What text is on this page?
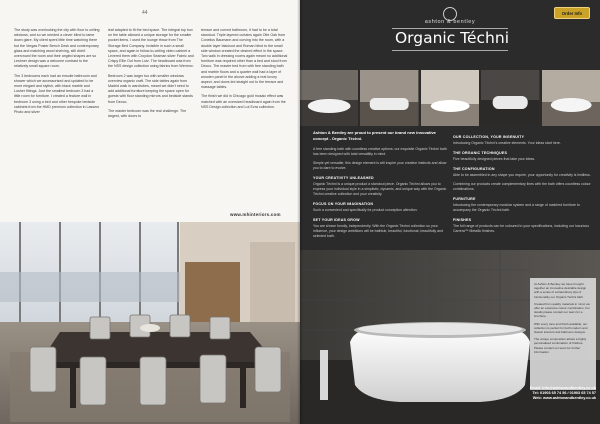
44

The study was overlooking the city with floor to ceiling windows, and so we needed a clever blind to tame down glare. My client spent little time watching there but the Vergas Poster Bench Desk and contemporary glass and matching wood shelving, still didn't overcrowd the room and their angled shapes are so Leshner design was a welcome contrast to the relatively small square room.

The 3 bedrooms each had an ensuite bathroom and shower which we accessorised and updated to be more elegant and stylish, with black marble and Lusher fittings. Just the smallest bedroom 3 had a little room for furniture. I created a feature wall in bedroom 3 using a bed and other bespoke bedside cabinets from the HMD premium collection in Lassero Photo and silver

leaf adapted to fit the bed space. The integral top box on the table allowed a unique storage for the smaller pocket items. I used the lounge throw from The Storage Bed Company. Invisible in such a small space, and again in follow-to-ceiling video cabinet a Levered them with Croydon Seaman silver Fabric and Crispy Ellie Out from Lutz. The headboard was from the NSS design collection using fabrics from Wemmo.

Bedroom 2 was larger too with smaller windows overview organic craft. The side tables again from Madrid walk in wardrobes, meant we didn't need to add additional furniture keeping the space open for guests with floor standing mirrors and bedside stands from Decco.

The master bedroom was the real challenge. The largest, with doors to

terrace and curved bathroom, it had to be a total standout. Triple layered curtains again Otle Oak from Conelius Baumann and curving into the room, with a double layer blackout and Roman blind to the small side window created the desired effect in the space. Two walk in dressing rooms again meant no additional furniture was required other than a bed and stool from Decco. The master bed from with free standing bath and marble floors and a quarter wall had a layer of wooden panel in the alcove adding a real luxury aspect, and doors led straight out to the terrace and massage tables.

The finish we did in Chicago gold mosaic effect was matched with an oversized headboard again from the NSS Design collection and Lot Ezra collection.

www.mhinteriors.com
ashton & bentley
Organic Téchni
Order Info

Ashton & Bentley are proud to present our brand new innovative concept - Organic Téchni.

A free standing bath with countless creative options; our exquisite Organic Téchni bath has been designed with total versatility in mind.

Simple yet versatile, this design element is will inspire your creative instincts and allow you to dare to evolve.

YOUR CREATIVITY UNLEASHED

Organic Téchni is a unique product a standout piece. Organic Téchni allows you to express your individual style in a simplistic, dynamic, and unique way with the Organic Téchni creative collection and your creativity.

FOCUS ON YOUR IMAGINATION

Such a convenient and specifically for product conception attention.

SET YOUR IDEAS GROW

You are shown funnily, independently. With the Organic Téchni collection so your influence, your design ambitions will be bathtub, beautiful, functional, beautifully and selected bath.

OUR COLLECTION, YOUR INGENUITY

Introducing Organic Téchni's creative elements. Your ideas start here.

THE ORGANIC TECHNIQUES

Five beautifully designed pieces that take your ideas.

THE CONFIGURATION

Able to be assembled in any shape you require, your opportunity for creativity is limitless.

Combining our products create complementary lines with the bath offers countless colour combinations.

FURNITURE

Introducing the contemporary modular system and a range of matched furniture to accompany the Organic Téchni bath.

FINISHES

The full range of products can be coloured to your specifications, including our luxurious Carrera™ Metallic finishes.

At Ashton & Bentley we have brought together an innovative desirable design with a series of extraordinary tips of functionality our Organic Téchni bath.

Created from quality materials in mind, we offer an extensive colour combination. For details please contact our team for a brochure.

With every tone and finish available, our collection is perfect for both modern and classic interiors and bathroom designs.

The unique composition allows a highly personalised combination of finishes. Please contact our team for further information.

Email: info@ashtonandbentley.co.uk
Tel: 01903 65 74 56 / 01903 65 74 57
Web: www.ashtonandbentley.co.uk
